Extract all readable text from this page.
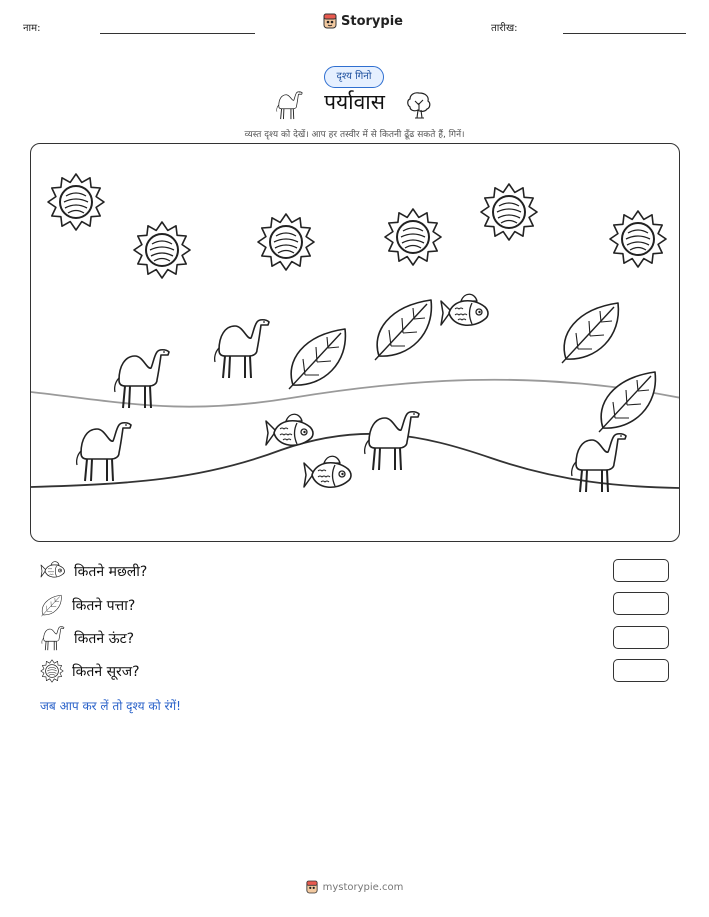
नाम:	Storypie	तारीख:
दृश्य गिनो
पर्यावास
व्यस्त दृश्य को देखें। आप हर तस्वीर में से कितनी ढूँढ सकते हैं, गिनें।
कितने मछली?
कितने पत्ता?
कितने ऊंट?
कितने सूरज?
जब आप कर लें तो दृश्य को रंगें!
mystorypie.com
